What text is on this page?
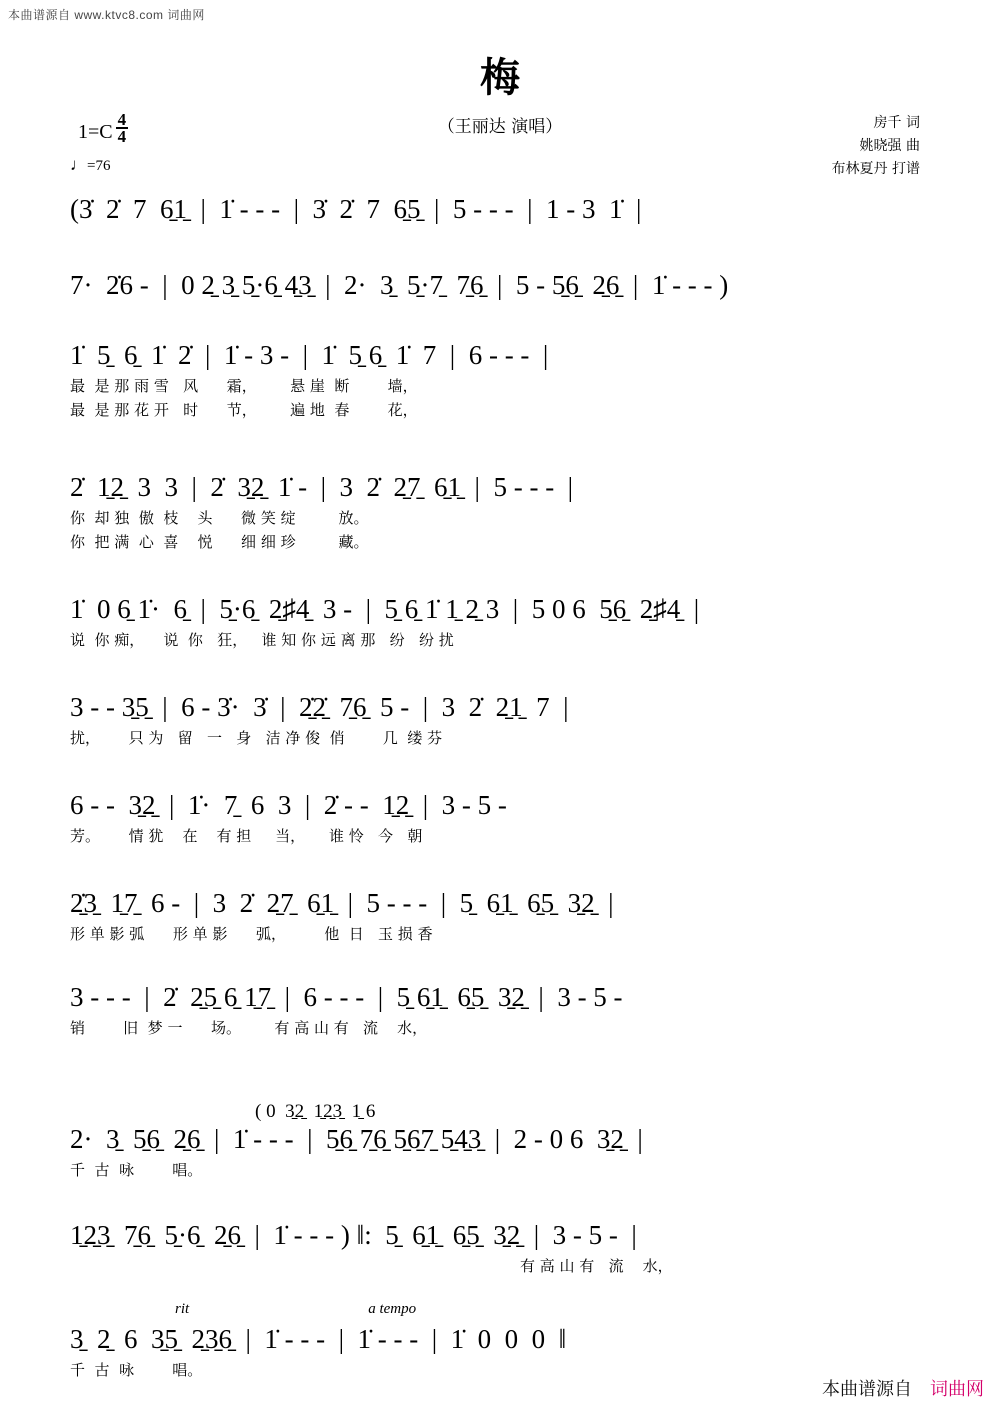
本曲谱源自 www.ktvc8.com 词曲网
梅
（王丽达 演唱）
$1=C \frac{4}{4}$
♩=76
房千 词
姚晓强 曲
布林夏丹 打谱
(3̇  2̇  7  6̱1̱  |  1̇ - - -  |  3̇  2̇  7  6̱5̱  |  5 - - -  |  1 - 3  1̇  |
7·  2̇6 -  |  0 2̱ 3̱ 5̱·6̱ 4̱3̱  |  2·  3̱  5̱·7̱  7̱6̱  |  5 - 5̱6̱  2̱6̱  |  1̇ - - - )
1̇  5̱  6̱  1̇  2̇  |  1̇ - 3 -  |  1̇  5̱ 6̱  1̇  7  |  6 - - -  |
最  是 那 雨 雪   风      霜，       悬 崖  断        墙，
最  是 那 花 开   时      节，       遍 地  春        花，
2̇  1̱2̱  3  3  |  2̇  3̱2̱  1̇ -  |  3  2̇  2̱7̱  6̱1̱  |  5 - - -  |
你  却 独  傲  枝    头      微 笑 绽         放。
你  把 满  心  喜    悦      细 细 珍         藏。
1̇  0 6̱ 1̇·  6̱  |  5̱·6̱  2̱♯4̱  3 -  |  5̱ 6̱ 1̇ 1̱ 2̱ 3  |  5 0 6  5̱6̱  2̱♯4̱  |
说  你 痴，    说  你   狂，   谁 知 你 远 离 那   纷   纷 扰
3 - - 3̱5̱  |  6 - 3̇·  3̇  |  2̱̇2̱̇  7̱6̱  5 -  |  3  2̇  2̱1̱  7  |
扰，      只 为   留   一   身   洁 净 俊  俏        几  缕 芬
6 - -  3̱2̱  |  1̇·  7̱  6  3  |  2̇ - -  1̱2̱  |  3 - 5 -
芳。      情 犹    在    有 担     当，     谁 怜   今   朝
2̱̇3̱  1̱7̱  6 -  |  3  2̇  2̱7̱  6̱1̱  |  5 - - -  |  5̱  6̱1̱  6̱5̱  3̱2̱  |
形 单 影 弧      形 单 影      弧，        他  日   玉 损 香
3 - - -  |  2̇  2̱5̱ 6̱ 1̱7̱  |  6 - - -  |  5̱ 6̱1̱  6̱5̱  3̱2̱  |  3 - 5 -
销        旧  梦 一      场。       有 高 山 有   流    水，
( 0  3̱2̱  1̱2̱3̱  1̱ 6
2·  3̱  5̱6̱  2̱6̱  |  1̇ - - -  |  5̱6̱ 7̱6̱ 5̱6̱7̱ 5̱4̱3̱  |  2 - 0 6  3̱2̱  |
千  古  咏        唱。
1̱2̱3̱  7̱6̱  5̱·6̱  2̱6̱  |  1̇ - - - ) ‖:  5̱  6̱1̱  6̱5̱  3̱2̱  |  3 - 5 -  |
有 高 山 有   流    水，
rit	a tempo
3̱  2̱  6  3̱5̱  2̱3̱6̱  |  1̇ - - -  |  1̇ - - -  |  1̇  0  0  0  ‖
千  古  咏        唱。
本曲谱源自 词曲网
